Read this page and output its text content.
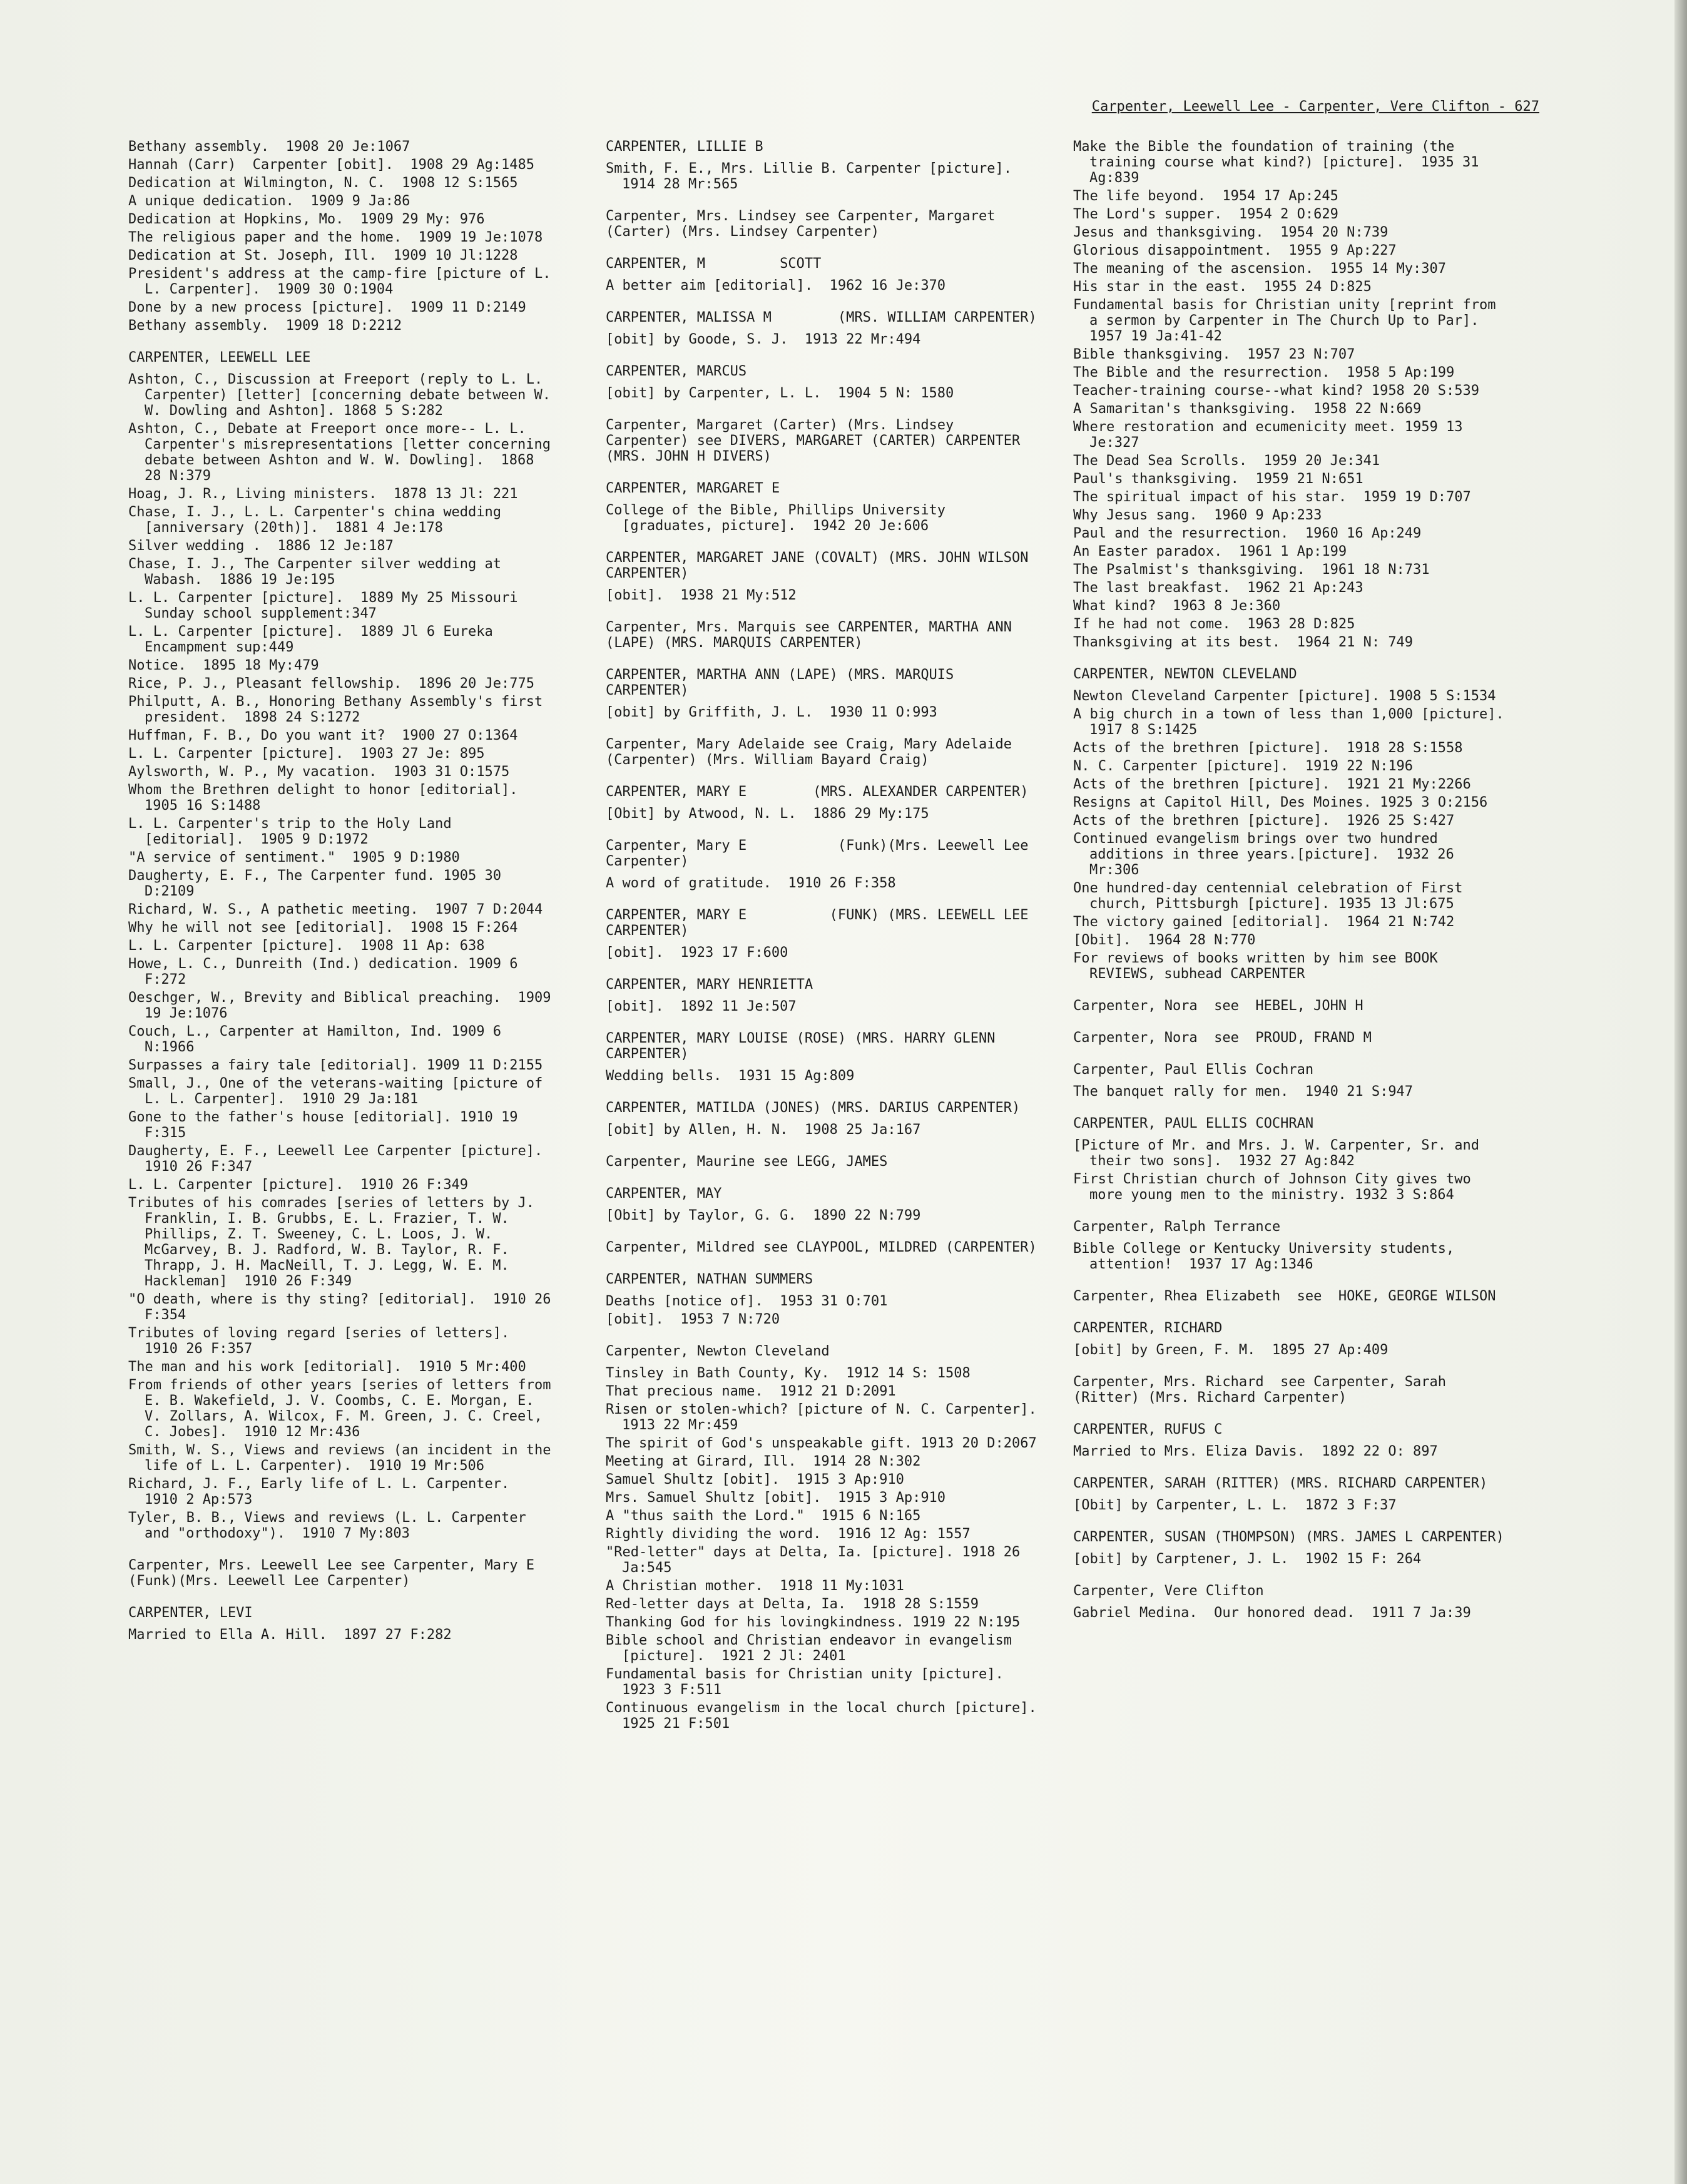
Carpenter, Leewell Lee - Carpenter, Vere Clifton - 627
Bethany assembly.  1908 20 Je:1067
Hannah (Carr)  Carpenter [obit].  1908 29 Ag:1485
Dedication at Wilmington, N. C.  1908 12 S:1565
A unique dedication.  1909 9 Ja:86
Dedication at Hopkins, Mo.  1909 29 My: 976
The religious paper and the home.  1909 19 Je:1078
Dedication at St. Joseph, Ill.  1909 10 Jl:1228
President's address at the camp-fire [picture of L. L. Carpenter].  1909 30 O:1904
Done by a new process [picture].  1909 11 D:2149
Bethany assembly.  1909 18 D:2212
CARPENTER, LEEWELL LEE
Ashton, C., Discussion at Freeport (reply to L. L. Carpenter) [letter] [concerning debate between W. W. Dowling and Ashton]. 1868 5 S:282
Ashton, C., Debate at Freeport once more-- L. L. Carpenter's misrepresentations [letter concerning debate between Ashton and W. W. Dowling].  1868 28 N:379
Hoag, J. R., Living ministers.  1878 13 Jl: 221
Chase, I. J., L. L. Carpenter's china wedding [anniversary (20th)].  1881 4 Je:178
Silver wedding .  1886 12 Je:187
Chase, I. J., The Carpenter silver wedding at Wabash.  1886 19 Je:195
L. L. Carpenter [picture].  1889 My 25 Missouri Sunday school supplement:347
L. L. Carpenter [picture].  1889 Jl 6 Eureka Encampment sup:449
Notice.  1895 18 My:479
Rice, P. J., Pleasant fellowship.  1896 20 Je:775
Philputt, A. B., Honoring Bethany Assembly's first president.  1898 24 S:1272
Huffman, F. B., Do you want it?  1900 27 O:1364
L. L. Carpenter [picture].  1903 27 Je: 895
Aylsworth, W. P., My vacation.  1903 31 O:1575
Whom the Brethren delight to honor [editorial].  1905 16 S:1488
L. L. Carpenter's trip to the Holy Land [editorial].  1905 9 D:1972
"A service of sentiment."  1905 9 D:1980
Daugherty, E. F., The Carpenter fund. 1905 30 D:2109
Richard, W. S., A pathetic meeting.  1907 7 D:2044
Why he will not see [editorial].  1908 15 F:264
L. L. Carpenter [picture].  1908 11 Ap: 638
Howe, L. C., Dunreith (Ind.) dedication. 1909 6 F:272
Oeschger, W., Brevity and Biblical preaching.  1909 19 Je:1076
Couch, L., Carpenter at Hamilton, Ind. 1909 6 N:1966
Surpasses a fairy tale [editorial]. 1909 11 D:2155
Small, J., One of the veterans-waiting [picture of L. L. Carpenter].  1910 29 Ja:181
Gone to the father's house [editorial]. 1910 19 F:315
Daugherty, E. F., Leewell Lee Carpenter [picture].  1910 26 F:347
L. L. Carpenter [picture].  1910 26 F:349
Tributes of his comrades [series of letters by J. Franklin, I. B. Grubbs, E. L. Frazier, T. W. Phillips, Z. T. Sweeney, C. L. Loos, J. W. McGarvey, B. J. Radford, W. B. Taylor, R. F. Thrapp, J. H. MacNeill, T. J. Legg, W. E. M. Hackleman]  1910 26 F:349
"O death, where is thy sting? [editorial].  1910 26 F:354
Tributes of loving regard [series of letters].  1910 26 F:357
The man and his work [editorial].  1910 5 Mr:400
From friends of other years [series of letters from E. B. Wakefield, J. V. Coombs, C. E. Morgan, E. V. Zollars, A. Wilcox, F. M. Green, J. C. Creel, C. Jobes].  1910 12 Mr:436
Smith, W. S., Views and reviews (an incident in the life of L. L. Carpenter).  1910 19 Mr:506
Richard, J. F., Early life of L. L. Carpenter.  1910 2 Ap:573
Tyler, B. B., Views and reviews (L. L. Carpenter and "orthodoxy").  1910 7 My:803
Carpenter, Mrs. Leewell Lee see Carpenter, Mary E         (Funk)(Mrs. Leewell Lee Carpenter)
CARPENTER, LEVI
Married to Ella A. Hill.  1897 27 F:282
CARPENTER, LILLIE B
Smith, F. E., Mrs. Lillie B. Carpenter [picture].  1914 28 Mr:565
Carpenter, Mrs. Lindsey see Carpenter, Margaret (Carter) (Mrs. Lindsey Carpenter)
CARPENTER, M         SCOTT
A better aim [editorial].  1962 16 Je:370
CARPENTER, MALISSA M        (MRS. WILLIAM CARPENTER)
[obit] by Goode, S. J.  1913 22 Mr:494
CARPENTER, MARCUS
[obit] by Carpenter, L. L.  1904 5 N: 1580
Carpenter, Margaret (Carter) (Mrs. Lindsey Carpenter) see DIVERS, MARGARET (CARTER) CARPENTER (MRS. JOHN H DIVERS)
CARPENTER, MARGARET E
College of the Bible, Phillips University [graduates, picture].  1942 20 Je:606
CARPENTER, MARGARET JANE (COVALT) (MRS. JOHN WILSON CARPENTER)
[obit].  1938 21 My:512
Carpenter, Mrs. Marquis see CARPENTER, MARTHA ANN (LAPE) (MRS. MARQUIS CARPENTER)
CARPENTER, MARTHA ANN (LAPE) (MRS. MARQUIS CARPENTER)
[obit] by Griffith, J. L.  1930 11 O:993
Carpenter, Mary Adelaide see Craig, Mary Adelaide (Carpenter) (Mrs. William Bayard Craig)
CARPENTER, MARY E        (MRS. ALEXANDER CARPENTER)
[Obit] by Atwood, N. L.  1886 29 My:175
Carpenter, Mary E           (Funk)(Mrs. Leewell Lee Carpenter)
A word of gratitude.  1910 26 F:358
CARPENTER, MARY E          (FUNK) (MRS. LEEWELL LEE CARPENTER)
[obit].  1923 17 F:600
CARPENTER, MARY HENRIETTA
[obit].  1892 11 Je:507
CARPENTER, MARY LOUISE (ROSE) (MRS. HARRY GLENN CARPENTER)
Wedding bells.  1931 15 Ag:809
CARPENTER, MATILDA (JONES) (MRS. DARIUS CARPENTER)
[obit] by Allen, H. N.  1908 25 Ja:167
Carpenter, Maurine see LEGG, JAMES
CARPENTER, MAY
[Obit] by Taylor, G. G.  1890 22 N:799
Carpenter, Mildred see CLAYPOOL, MILDRED (CARPENTER)
CARPENTER, NATHAN SUMMERS
Deaths [notice of].  1953 31 O:701
[obit].  1953 7 N:720
Carpenter, Newton Cleveland
Tinsley in Bath County, Ky.  1912 14 S: 1508
That precious name.  1912 21 D:2091
Risen or stolen-which? [picture of N. C. Carpenter].  1913 22 Mr:459
The spirit of God's unspeakable gift. 1913 20 D:2067
Meeting at Girard, Ill.  1914 28 N:302
Samuel Shultz [obit].  1915 3 Ap:910
Mrs. Samuel Shultz [obit].  1915 3 Ap:910
A "thus saith the Lord."  1915 6 N:165
Rightly dividing the word.  1916 12 Ag: 1557
"Red-letter" days at Delta, Ia. [picture]. 1918 26 Ja:545
A Christian mother.  1918 11 My:1031
Red-letter days at Delta, Ia.  1918 28 S:1559
Thanking God for his lovingkindness. 1919 22 N:195
Bible school and Christian endeavor in evangelism [picture].  1921 2 Jl: 2401
Fundamental basis for Christian unity [picture].  1923 3 F:511
Continuous evangelism in the local church [picture].  1925 21 F:501
Make the Bible the foundation of training (the training course what kind?) [picture].  1935 31 Ag:839
The life beyond.  1954 17 Ap:245
The Lord's supper.  1954 2 O:629
Jesus and thanksgiving.  1954 20 N:739
Glorious disappointment.  1955 9 Ap:227
The meaning of the ascension.  1955 14 My:307
His star in the east.  1955 24 D:825
Fundamental basis for Christian unity [reprint from a sermon by Carpenter in The Church Up to Par].  1957 19 Ja:41-42
Bible thanksgiving.  1957 23 N:707
The Bible and the resurrection.  1958 5 Ap:199
Teacher-training course--what kind? 1958 20 S:539
A Samaritan's thanksgiving.  1958 22 N:669
Where restoration and ecumenicity meet. 1959 13 Je:327
The Dead Sea Scrolls.  1959 20 Je:341
Paul's thanksgiving.  1959 21 N:651
The spiritual impact of his star.  1959 19 D:707
Why Jesus sang.  1960 9 Ap:233
Paul and the resurrection.  1960 16 Ap:249
An Easter paradox.  1961 1 Ap:199
The Psalmist's thanksgiving.  1961 18 N:731
The last breakfast.  1962 21 Ap:243
What kind?  1963 8 Je:360
If he had not come.  1963 28 D:825
Thanksgiving at its best.  1964 21 N: 749
CARPENTER, NEWTON CLEVELAND
Newton Cleveland Carpenter [picture]. 1908 5 S:1534
A big church in a town of less than 1,000 [picture].  1917 8 S:1425
Acts of the brethren [picture].  1918 28 S:1558
N. C. Carpenter [picture].  1919 22 N:196
Acts of the brethren [picture].  1921 21 My:2266
Resigns at Capitol Hill, Des Moines. 1925 3 O:2156
Acts of the brethren [picture].  1926 25 S:427
Continued evangelism brings over two hundred additions in three years.[picture].  1932 26 Mr:306
One hundred-day centennial celebration of First church, Pittsburgh [picture]. 1935 13 Jl:675
The victory gained [editorial].  1964 21 N:742
[Obit].  1964 28 N:770
For reviews of books written by him see BOOK REVIEWS, subhead CARPENTER
Carpenter, Nora  see  HEBEL, JOHN H
Carpenter, Nora  see  PROUD, FRAND M
Carpenter, Paul Ellis Cochran
The banquet rally for men.  1940 21 S:947
CARPENTER, PAUL ELLIS COCHRAN
[Picture of Mr. and Mrs. J. W. Carpenter, Sr. and their two sons].  1932 27 Ag:842
First Christian church of Johnson City gives two more young men to the ministry. 1932 3 S:864
Carpenter, Ralph Terrance
Bible College or Kentucky University students, attention!  1937 17 Ag:1346
Carpenter, Rhea Elizabeth  see  HOKE, GEORGE WILSON
CARPENTER, RICHARD
[obit] by Green, F. M.  1895 27 Ap:409
Carpenter, Mrs. Richard  see Carpenter, Sarah (Ritter) (Mrs. Richard Carpenter)
CARPENTER, RUFUS C
Married to Mrs. Eliza Davis.  1892 22 O: 897
CARPENTER, SARAH (RITTER) (MRS. RICHARD CARPENTER)
[Obit] by Carpenter, L. L.  1872 3 F:37
CARPENTER, SUSAN (THOMPSON) (MRS. JAMES L CARPENTER)
[obit] by Carptener, J. L.  1902 15 F: 264
Carpenter, Vere Clifton
Gabriel Medina.  Our honored dead.  1911 7 Ja:39
